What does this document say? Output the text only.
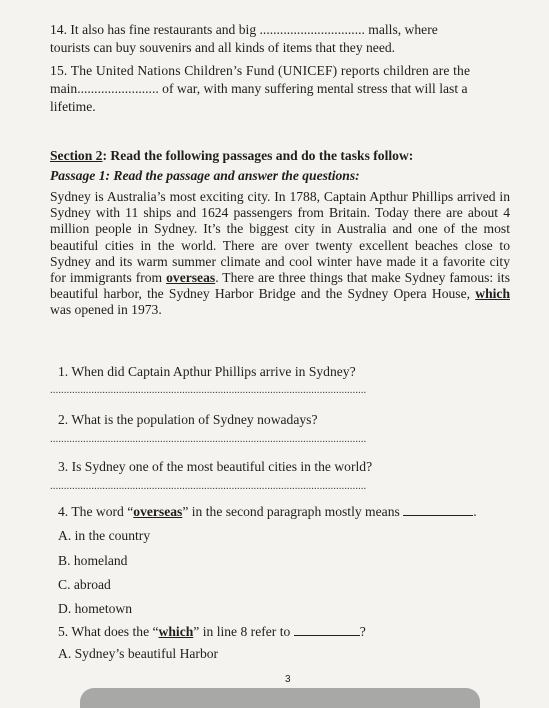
14. It also has fine restaurants and big ............................... malls, where
tourists can buy souvenirs and all kinds of items that they need.
15. The United Nations Children’s Fund (UNICEF) reports children are the
main........................ of war, with many suffering mental stress that will last a
lifetime.
Section 2: Read the following passages and do the tasks follow:
Passage 1: Read the passage and answer the questions:
Sydney is Australia’s most exciting city. In 1788, Captain Apthur Phillips arrived in Sydney with 11 ships and 1624 passengers from Britain. Today there are about 4 million people in Sydney. It’s the biggest city in Australia and one of the most beautiful cities in the world. There are over twenty excellent beaches close to Sydney and its warm summer climate and cool winter have made it a favorite city for immigrants from overseas. There are three things that make Sydney famous: its beautiful harbor, the Sydney Harbor Bridge and the Sydney Opera House, which was opened in 1973.
1. When did Captain Apthur Phillips arrive in Sydney?
...................................................................................................................
2. What is the population of Sydney nowadays?
...................................................................................................................
3. Is Sydney one of the most beautiful cities in the world?
...................................................................................................................
4. The word “overseas” in the second paragraph mostly means	.
A. in the country
B. homeland
C. abroad
D. hometown
5. What does the “which” in line 8 refer to	?
A. Sydney’s beautiful Harbor
3
